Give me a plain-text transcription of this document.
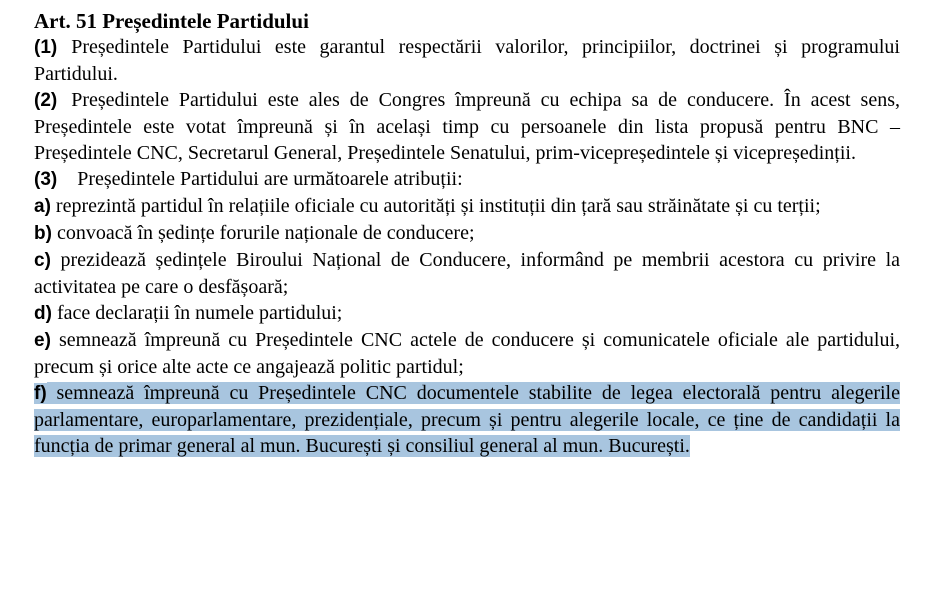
Art. 51 Președintele Partidului

(1) Președintele Partidului este garantul respectării valorilor, principiilor, doctrinei și programului Partidului.

(2) Președintele Partidului este ales de Congres împreună cu echipa sa de conducere. În acest sens, Președintele este votat împreună și în același timp cu persoanele din lista propusă pentru BNC – Președintele CNC, Secretarul General, Președintele Senatului, prim-vicepreședintele și vicepreședinții.

(3) Președintele Partidului are următoarele atribuții:

a) reprezintă partidul în relațiile oficiale cu autorități și instituții din țară sau străinătate și cu terții;

b) convoacă în ședințe forurile naționale de conducere;

c) prezidează ședințele Biroului Național de Conducere, informând pe membrii acestora cu privire la activitatea pe care o desfășoară;

d) face declarații în numele partidului;

e) semnează împreună cu Președintele CNC actele de conducere și comunicatele oficiale ale partidului, precum și orice alte acte ce angajează politic partidul;

f) semnează împreună cu Președintele CNC documentele stabilite de legea electorală pentru alegerile parlamentare, europarlamentare, prezidențiale, precum și pentru alegerile locale, ce ține de candidații la funcția de primar general al mun. București și consiliul general al mun. București.
